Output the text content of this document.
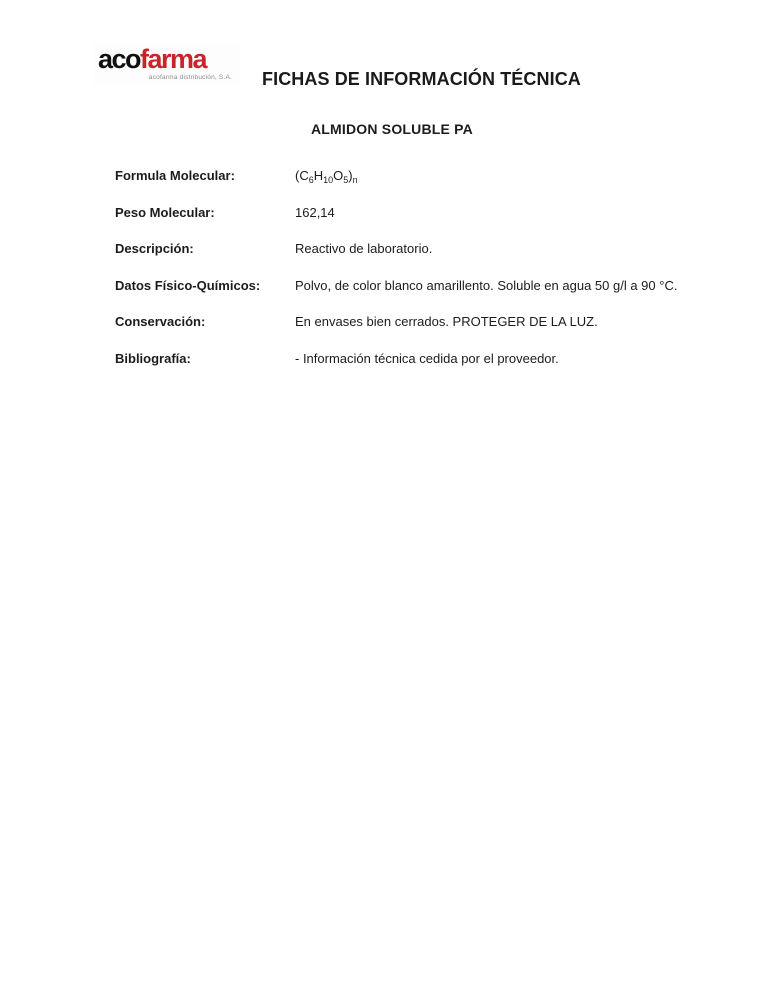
acofarma
acofarma distribución, S.A. FICHAS DE INFORMACIÓN TÉCNICA
ALMIDON SOLUBLE PA
Formula Molecular:	$(C_6H_{10}O_5)_n$
Peso Molecular:	162,14
Descripción:	Reactivo de laboratorio.
Datos Físico-Químicos:	Polvo, de color blanco amarillento. Soluble en agua 50 g/l a 90 °C.
Conservación:	En envases bien cerrados. PROTEGER DE LA LUZ.
Bibliografía:	- Información técnica cedida por el proveedor.
